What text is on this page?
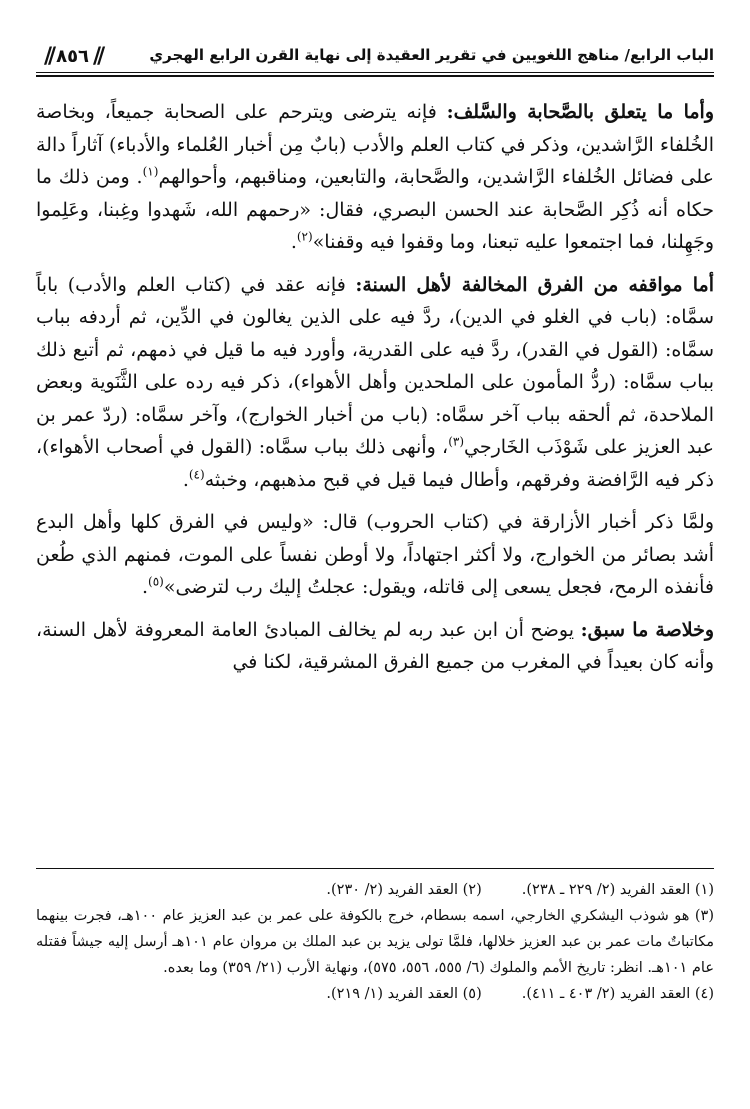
الباب الرابع/ مناهج اللغويين في تقرير العقيدة إلى نهاية القرن الرابع الهجري
// ٨٥٦ //

وأما ما يتعلق بالصَّحابة والسَّلف: فإنه يترضى ويترحم على الصحابة جميعاً، وبخاصة الخُلفاء الرَّاشدين، وذكر في كتاب العلم والأدب (بابٌ مِن أخبار العُلماء والأدباء) آثاراً دالة على فضائل الخُلفاء الرَّاشدين، والصَّحابة، والتابعين، ومناقبهم، وأحوالهم$^{(١)}$. ومن ذلك ما حكاه أنه ذُكِر الصَّحابة عند الحسن البصري، فقال: «رحمهم الله، شَهدوا وغِبنا، وعَلِموا وجَهِلنا، فما اجتمعوا عليه تبعنا، وما وقفوا فيه وقفنا»$^{(٢)}$.

أما مواقفه من الفرق المخالفة لأهل السنة: فإنه عقد في (كتاب العلم والأدب) باباً سمَّاه: (باب في الغلو في الدين)، ردَّ فيه على الذين يغالون في الدِّين، ثم أردفه بباب سمَّاه: (القول في القدر)، ردَّ فيه على القدرية، وأورد فيه ما قيل في ذمهم، ثم أتبع ذلك بباب سمَّاه: (ردُّ المأمون على الملحدين وأهل الأهواء)، ذكر فيه رده على الثَّنَوية وبعض الملاحدة، ثم ألحقه بباب آخر سمَّاه: (باب من أخبار الخوارج)، وآخر سمَّاه: (ردّ عمر بن عبد العزيز على شَوْذَب الخَارجي$^{(٣)}$، وأنهى ذلك بباب سمَّاه: (القول في أصحاب الأهواء)، ذكر فيه الرَّافضة وفرقهم، وأطال فيما قيل في قبح مذهبهم، وخبثه$^{(٤)}$.

ولمَّا ذكر أخبار الأزارقة في (كتاب الحروب) قال: «وليس في الفرق كلها وأهل البدع أشد بصائر من الخوارج، ولا أكثر اجتهاداً، ولا أوطن نفساً على الموت، فمنهم الذي طُعن فأنفذه الرمح، فجعل يسعى إلى قاتله، ويقول: عجلتُ إليك رب لترضى»$^{(٥)}$.

وخلاصة ما سبق: يوضح أن ابن عبد ربه لم يخالف المبادئ العامة المعروفة لأهل السنة، وأنه كان بعيداً في المغرب من جميع الفرق المشرقية، لكنا في

(١) العقد الفريد (٢/ ٢٢٩ ـ ٢٣٨).
(٢) العقد الفريد (٢/ ٢٣٠).
(٣) هو شوذب اليشكري الخارجي، اسمه بسطام، خرج بالكوفة على عمر بن عبد العزيز عام ١٠٠هـ، فجرت بينهما مكاتباتٌ مات عمر بن عبد العزيز خلالها، فلمَّا تولى يزيد بن عبد الملك بن مروان عام ١٠١هـ أرسل إليه جيشاً فقتله عام ١٠١هـ. انظر: تاريخ الأمم والملوك (٦/ ٥٥٥، ٥٥٦، ٥٧٥)، ونهاية الأرب (٢١/ ٣٥٩) وما بعده.
(٤) العقد الفريد (٢/ ٤٠٣ ـ ٤١١).
(٥) العقد الفريد (١/ ٢١٩).
